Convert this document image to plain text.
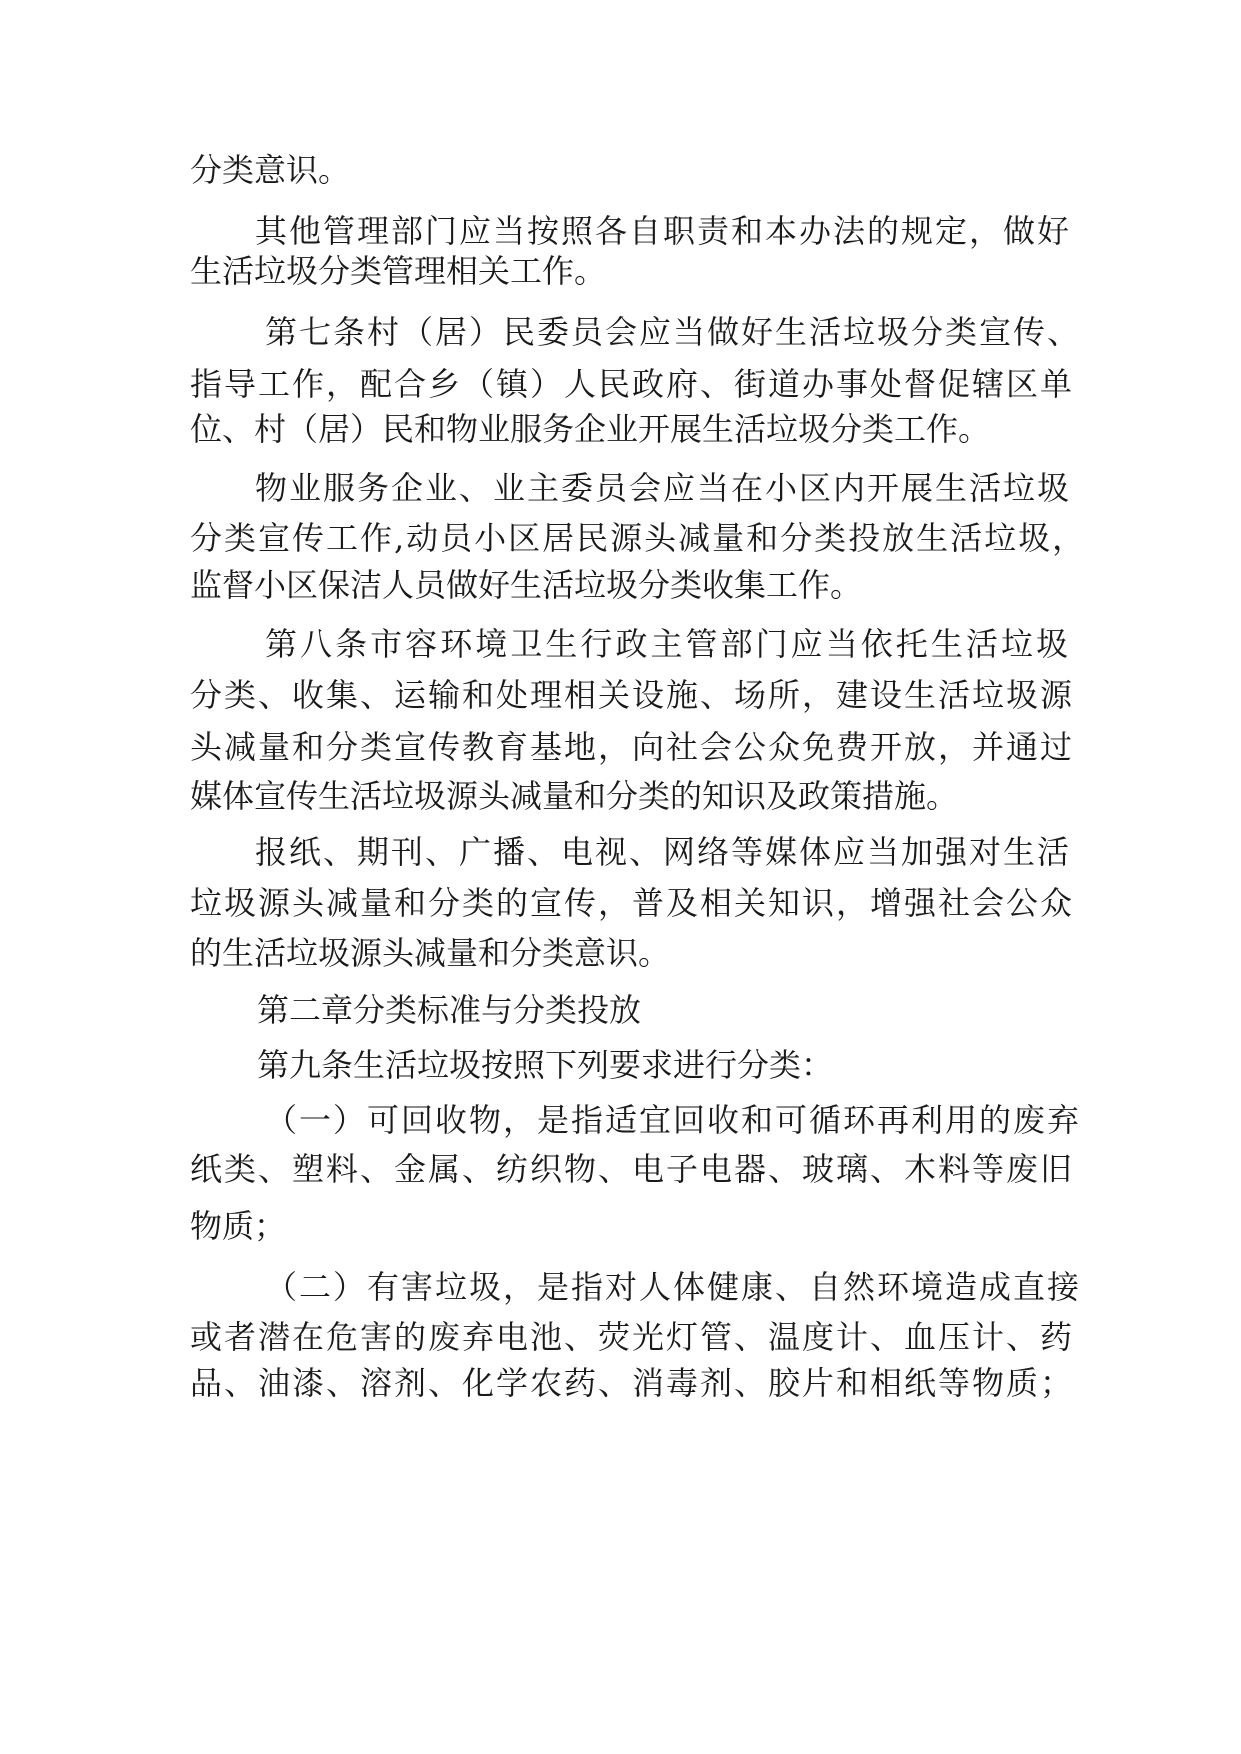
分类意识。
其他管理部门应当按照各自职责和本办法的规定，做好
生活垃圾分类管理相关工作。
第七条村（居）民委员会应当做好生活垃圾分类宣传、
指导工作，配合乡（镇）人民政府、街道办事处督促辖区单
位、村（居）民和物业服务企业开展生活垃圾分类工作。
物业服务企业、业主委员会应当在小区内开展生活垃圾
分类宣传工作,动员小区居民源头减量和分类投放生活垃圾，
监督小区保洁人员做好生活垃圾分类收集工作。
第八条市容环境卫生行政主管部门应当依托生活垃圾
分类、收集、运输和处理相关设施、场所，建设生活垃圾源
头减量和分类宣传教育基地，向社会公众免费开放，并通过
媒体宣传生活垃圾源头减量和分类的知识及政策措施。
报纸、期刊、广播、电视、网络等媒体应当加强对生活
垃圾源头减量和分类的宣传，普及相关知识，增强社会公众
的生活垃圾源头减量和分类意识。
第二章分类标准与分类投放
第九条生活垃圾按照下列要求进行分类：
（一）可回收物，是指适宜回收和可循环再利用的废弃
纸类、塑料、金属、纺织物、电子电器、玻璃、木料等废旧
物质；
（二）有害垃圾，是指对人体健康、自然环境造成直接
或者潜在危害的废弃电池、荧光灯管、温度计、血压计、药
品、油漆、溶剂、化学农药、消毒剂、胶片和相纸等物质；
